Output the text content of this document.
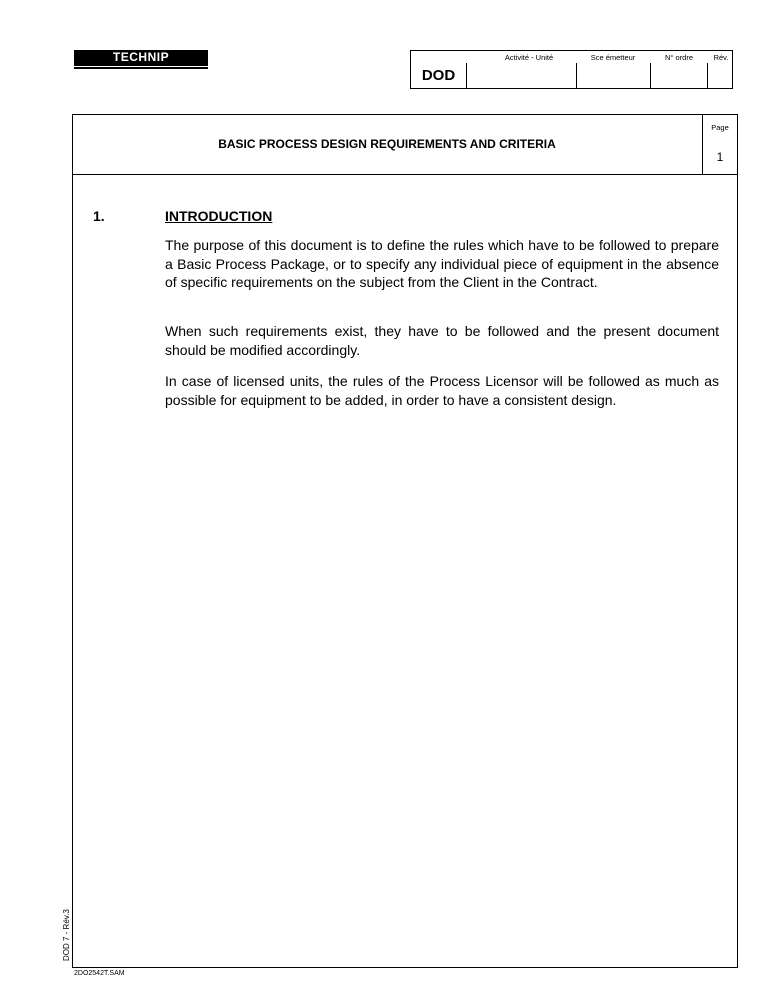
TECHNIP
DOD
Activité - Unité	Sce émetteur	N° ordre	Rév.
BASIC PROCESS DESIGN REQUIREMENTS AND CRITERIA
Page
1
1.	INTRODUCTION

The purpose of this document is to define the rules which have to be followed to prepare a Basic Process Package, or to specify any individual piece of equipment in the absence of specific requirements on the subject from the Client in the Contract.

When such requirements exist, they have to be followed and the present document should be modified accordingly.

In case of licensed units, the rules of the Process Licensor will be followed as much as possible for equipment to be added, in order to have a consistent design.

DOD 7 - Rév.3
2DO2542T.SAM
